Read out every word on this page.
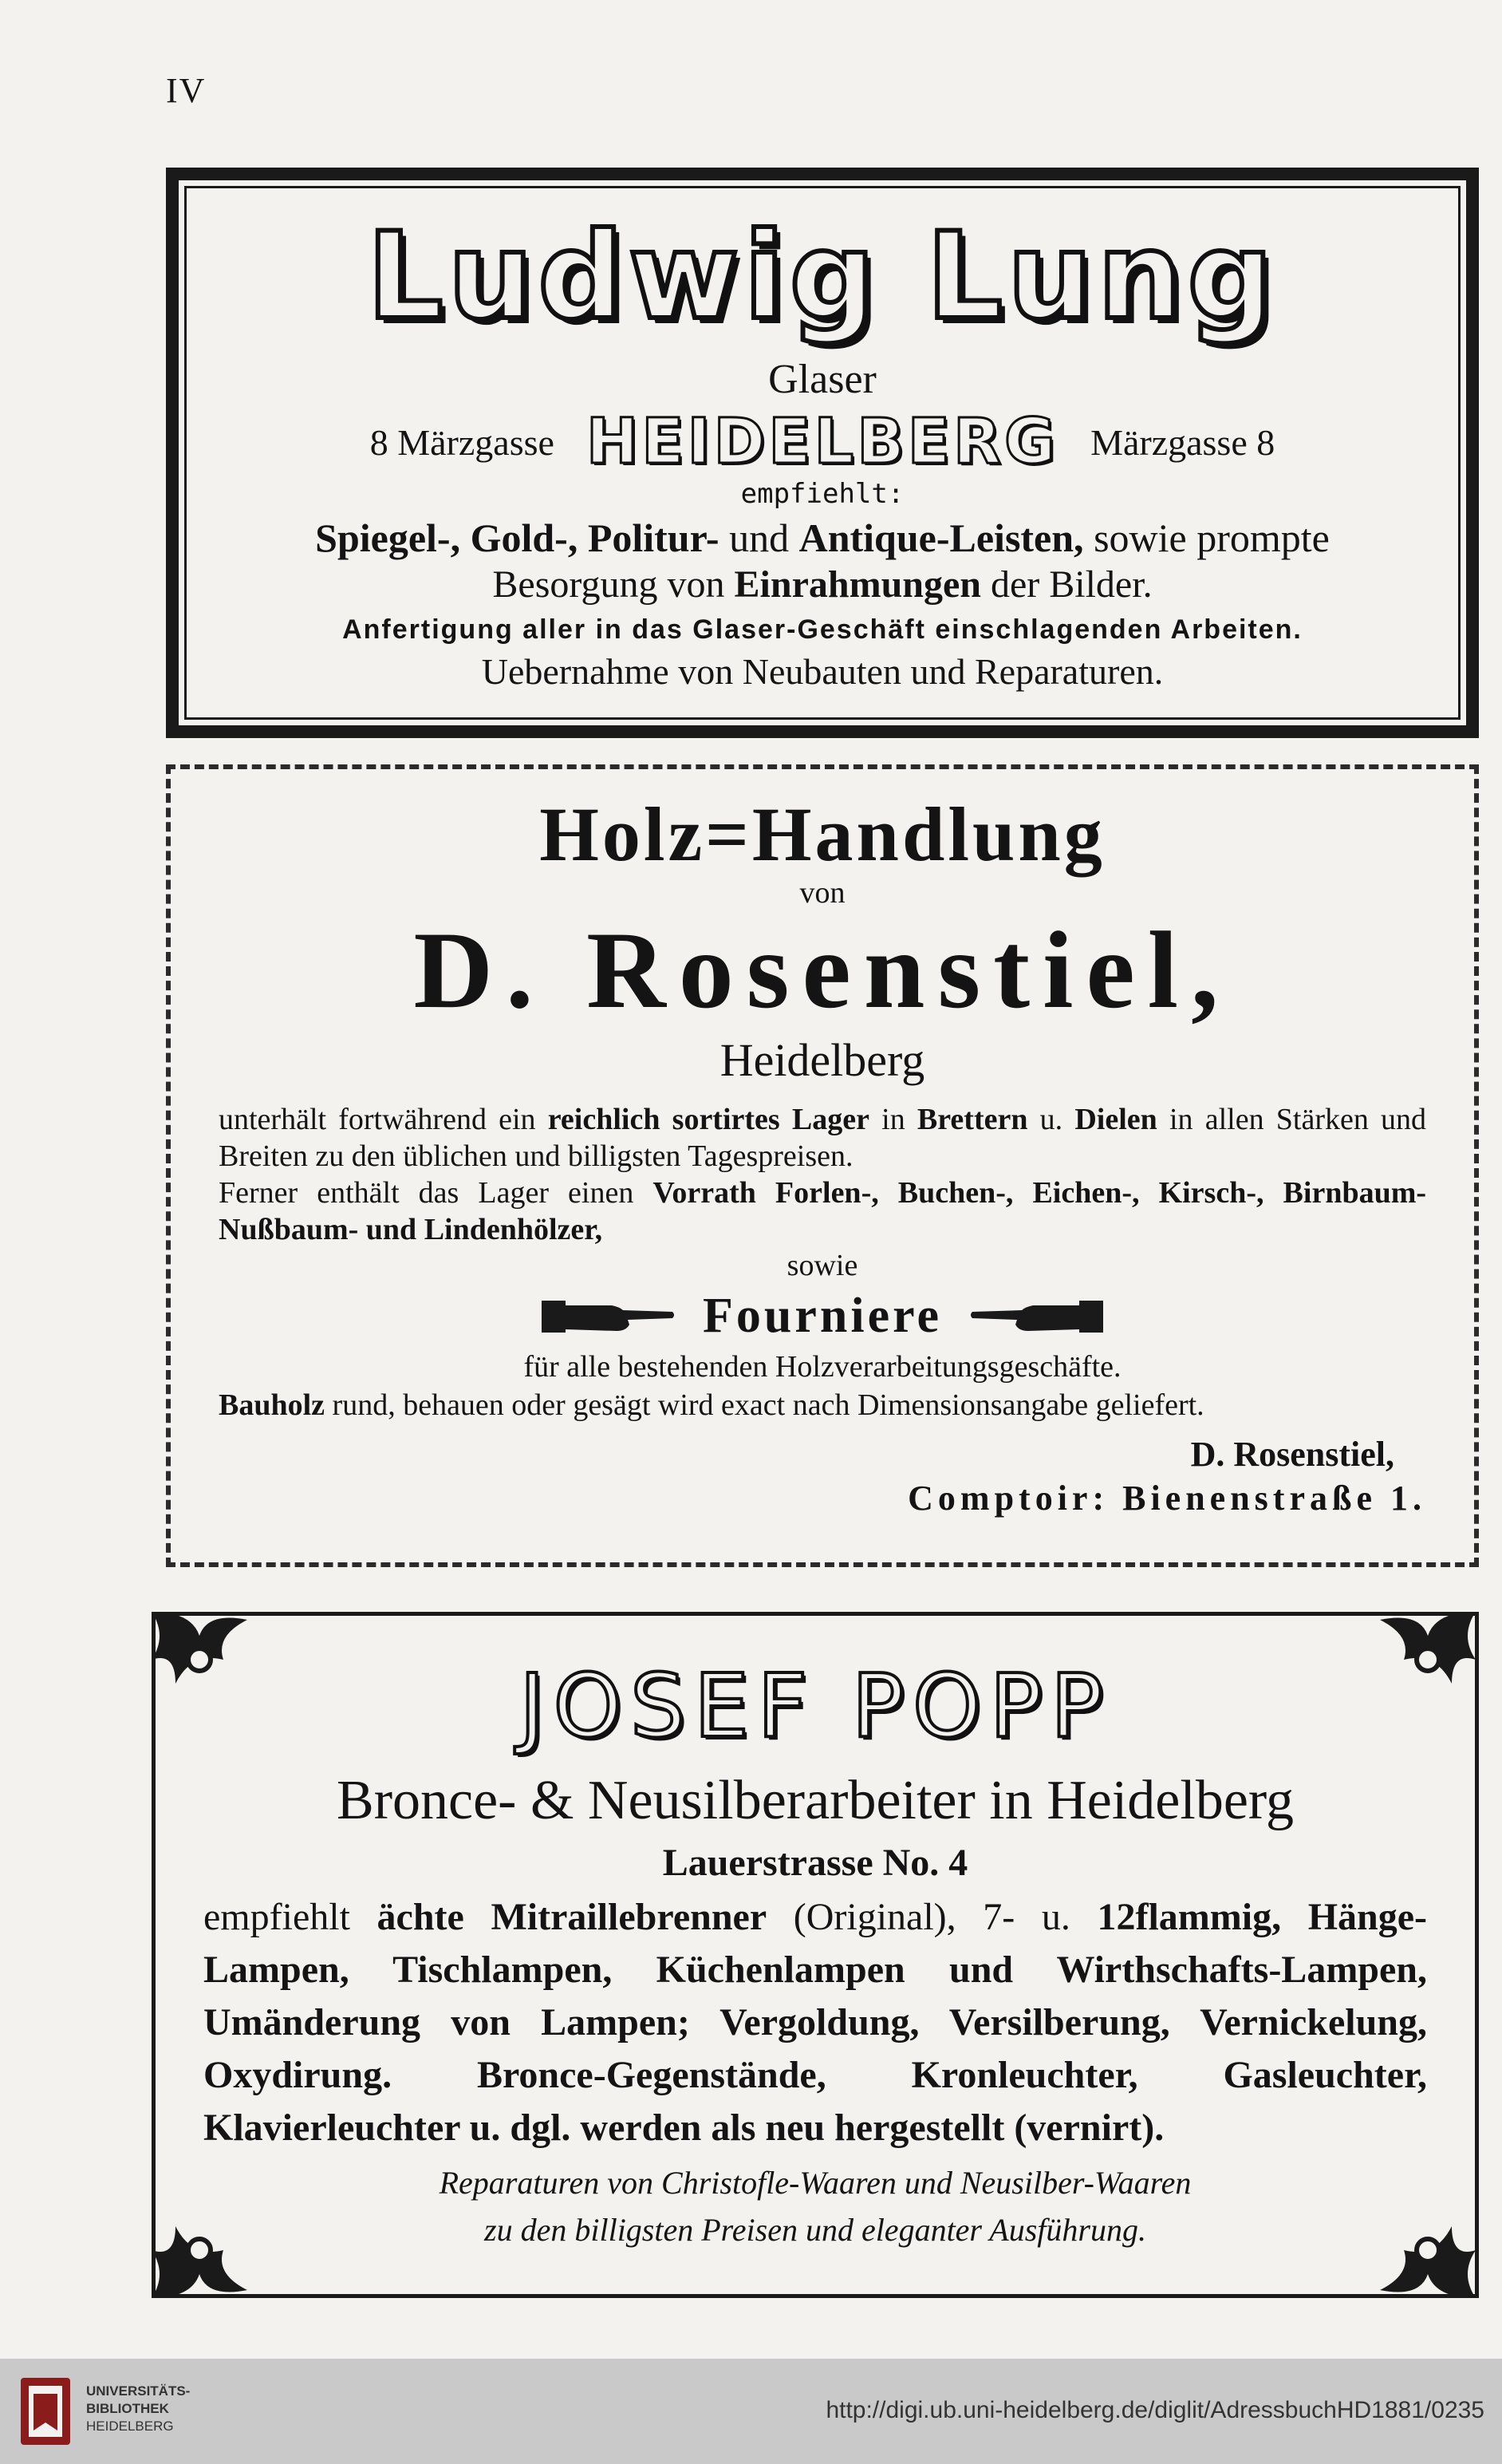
IV
Ludwig Lung
Glaser
8 Märzgasse HEIDELBERG Märzgasse 8
empfiehlt:
Spiegel-, Gold-, Politur- und Antique-Leisten, sowie prompte
Besorgung von Einrahmungen der Bilder.
Anfertigung aller in das Glaser-Geschäft einschlagenden Arbeiten.
Uebernahme von Neubauten und Reparaturen.
Holz=Handlung
von
D. Rosenstiel,
Heidelberg
unterhält fortwährend ein reichlich sortirtes Lager in Brettern u. Dielen in allen Stärken und Breiten zu den üblichen und billigsten Tagespreisen.
Ferner enthält das Lager einen Vorrath Forlen-, Buchen-, Eichen-, Kirsch-, Birnbaum- Nußbaum- und Lindenhölzer,
sowie
Fourniere
für alle bestehenden Holzverarbeitungsgeschäfte.
Bauholz rund, behauen oder gesägt wird exact nach Dimensionsangabe geliefert.
D. Rosenstiel,
Comptoir: Bienenstraße 1.
JOSEF POPP
Bronce- & Neusilberarbeiter in Heidelberg
Lauerstrasse No. 4
empfiehlt ächte Mitraillebrenner (Original), 7- u. 12flammig, Hänge-Lampen, Tischlampen, Küchenlampen und Wirthschafts-Lampen, Umänderung von Lampen; Vergoldung, Versilberung, Vernickelung, Oxydirung. Bronce-Gegenstände, Kronleuchter, Gasleuchter, Klavierleuchter u. dgl. werden als neu hergestellt (vernirt).
Reparaturen von Christofle-Waaren und Neusilber-Waaren
zu den billigsten Preisen und eleganter Ausführung.
UNIVERSITÄTS-
BIBLIOTHEK
HEIDELBERG
http://digi.ub.uni-heidelberg.de/diglit/AdressbuchHD1881/0235
